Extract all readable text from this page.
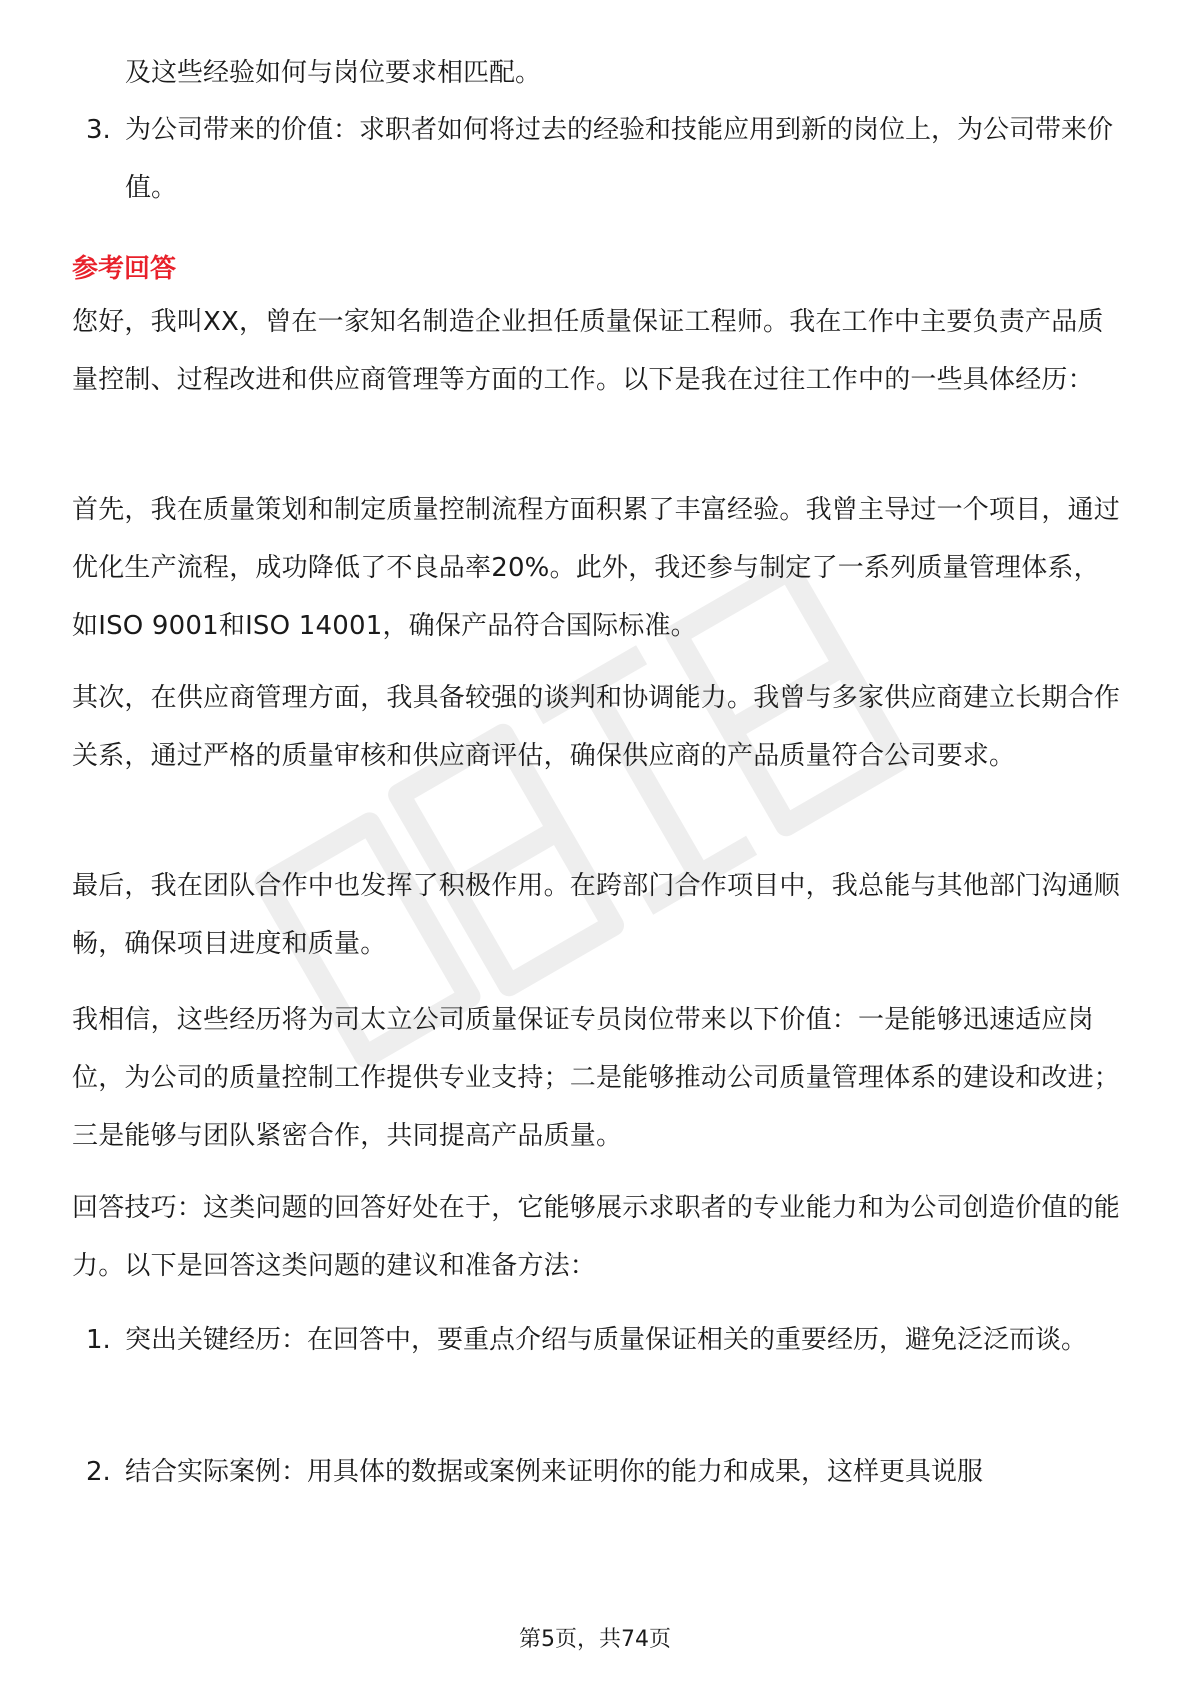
及这些经验如何与岗位要求相匹配。

3. 为公司带来的价值：求职者如何将过去的经验和技能应用到新的岗位上，为公司带来价值。

参考回答

您好，我叫XX，曾在一家知名制造企业担任质量保证工程师。我在工作中主要负责产品质量控制、过程改进和供应商管理等方面的工作。以下是我在过往工作中的一些具体经历：

首先，我在质量策划和制定质量控制流程方面积累了丰富经验。我曾主导过一个项目，通过优化生产流程，成功降低了不良品率20%。此外，我还参与制定了一系列质量管理体系，如ISO 9001和ISO 14001，确保产品符合国际标准。

其次，在供应商管理方面，我具备较强的谈判和协调能力。我曾与多家供应商建立长期合作关系，通过严格的质量审核和供应商评估，确保供应商的产品质量符合公司要求。

最后，我在团队合作中也发挥了积极作用。在跨部门合作项目中，我总能与其他部门沟通顺畅，确保项目进度和质量。

我相信，这些经历将为司太立公司质量保证专员岗位带来以下价值：一是能够迅速适应岗位，为公司的质量控制工作提供专业支持；二是能够推动公司质量管理体系的建设和改进；三是能够与团队紧密合作，共同提高产品质量。

回答技巧：这类问题的回答好处在于，它能够展示求职者的专业能力和为公司创造价值的能力。以下是回答这类问题的建议和准备方法：

1. 突出关键经历：在回答中，要重点介绍与质量保证相关的重要经历，避免泛泛而谈。
2. 结合实际案例：用具体的数据或案例来证明你的能力和成果，这样更具说服
第5页，共74页
